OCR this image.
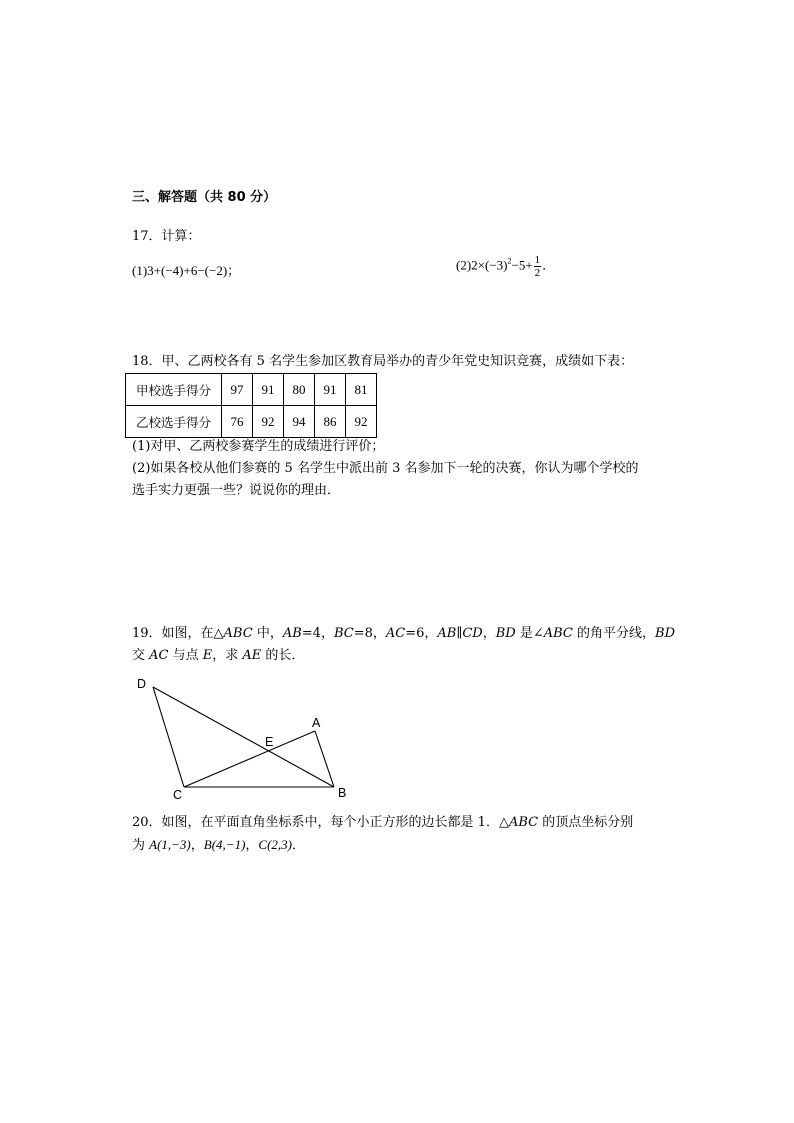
三、解答题（共 80 分）
17．计算：
(1)3+(−4)+6−(−2)；	$(2)2\times(-3)^2-5+ \frac{1}{2}$ ．
18．甲、乙两校各有 5 名学生参加区教育局举办的青少年党史知识竞赛，成绩如下表：
甲校选手得分	97	91	80	91	81
乙校选手得分	76	92	94	86	92
(1)对甲、乙两校参赛学生的成绩进行评价；
(2)如果各校从他们参赛的 5 名学生中派出前 3 名参加下一轮的决赛，你认为哪个学校的
选手实力更强一些？说说你的理由．
19．如图，在△ABC 中，AB=4，BC=8，AC=6，AB∥CD，BD 是∠ABC 的角平分线，BD
交 AC 与点 E，求 AE 的长．
D
A
E
C	B
20．如图，在平面直角坐标系中，每个小正方形的边长都是 1．△ABC 的顶点坐标分别
为 A(1,−3)，B(4,−1)，C(2,3)．
